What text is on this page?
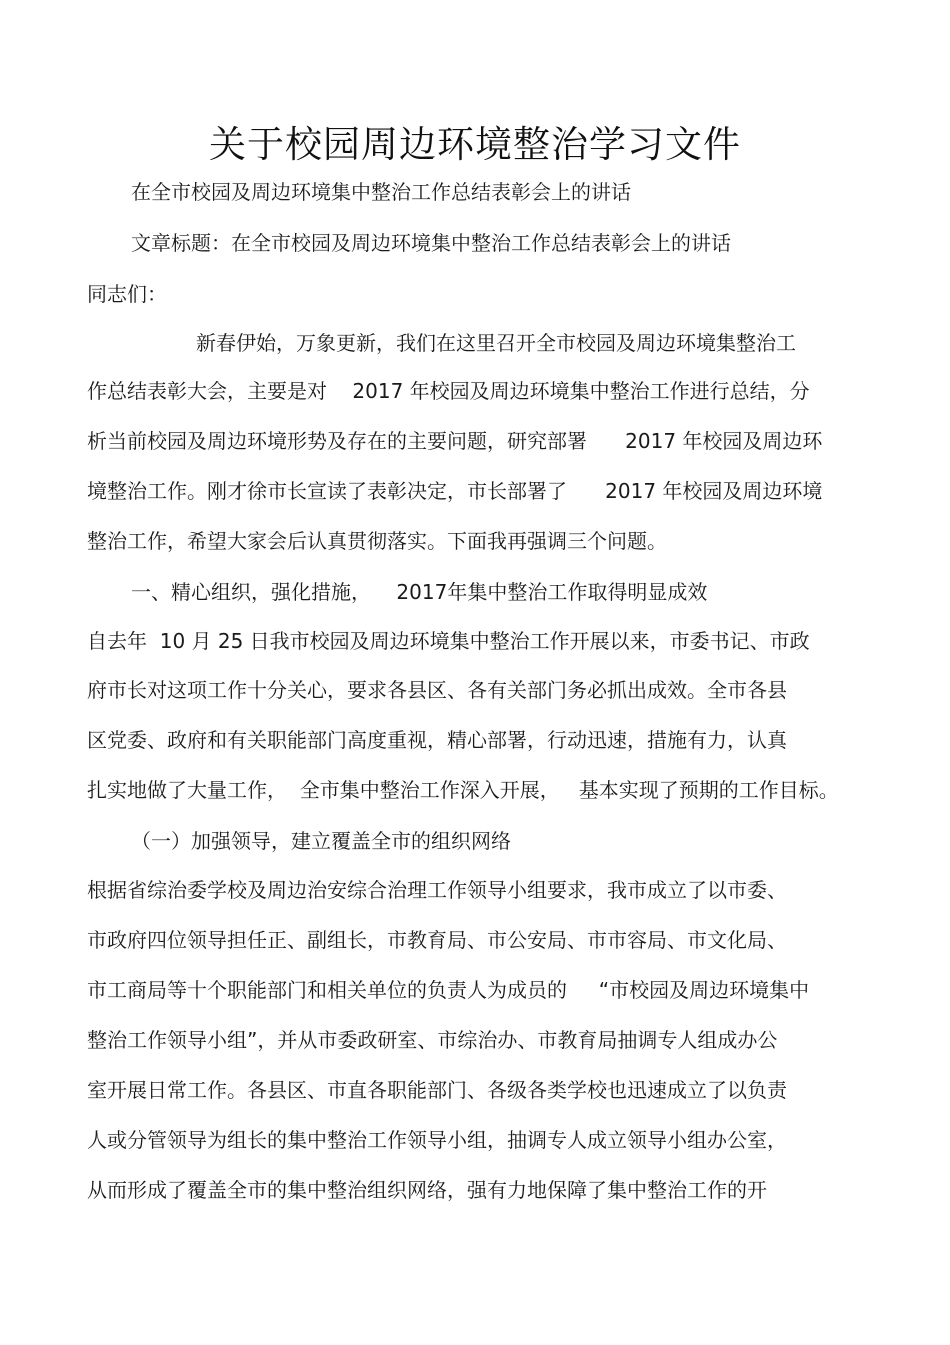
关于校园周边环境整治学习文件
在全市校园及周边环境集中整治工作总结表彰会上的讲话
文章标题：在全市校园及周边环境集中整治工作总结表彰会上的讲话
同志们：
新春伊始，万象更新，我们在这里召开全市校园及周边环境集整治工
作总结表彰大会，主要是对    2017 年校园及周边环境集中整治工作进行总结，分
析当前校园及周边环境形势及存在的主要问题，研究部署      2017 年校园及周边环
境整治工作。刚才徐市长宣读了表彰决定，市长部署了      2017 年校园及周边环境
整治工作，希望大家会后认真贯彻落实。下面我再强调三个问题。
一、精心组织，强化措施，    2017年集中整治工作取得明显成效
自去年  10 月 25 日我市校园及周边环境集中整治工作开展以来，市委书记、市政
府市长对这项工作十分关心，要求各县区、各有关部门务必抓出成效。全市各县
区党委、政府和有关职能部门高度重视，精心部署，行动迅速，措施有力，认真
扎实地做了大量工作，  全市集中整治工作深入开展，   基本实现了预期的工作目标。
（一）加强领导，建立覆盖全市的组织网络
根据省综治委学校及周边治安综合治理工作领导小组要求，我市成立了以市委、
市政府四位领导担任正、副组长，市教育局、市公安局、市市容局、市文化局、
市工商局等十个职能部门和相关单位的负责人为成员的     “市校园及周边环境集中
整治工作领导小组”，并从市委政研室、市综治办、市教育局抽调专人组成办公
室开展日常工作。各县区、市直各职能部门、各级各类学校也迅速成立了以负责
人或分管领导为组长的集中整治工作领导小组，抽调专人成立领导小组办公室，
从而形成了覆盖全市的集中整治组织网络，强有力地保障了集中整治工作的开
